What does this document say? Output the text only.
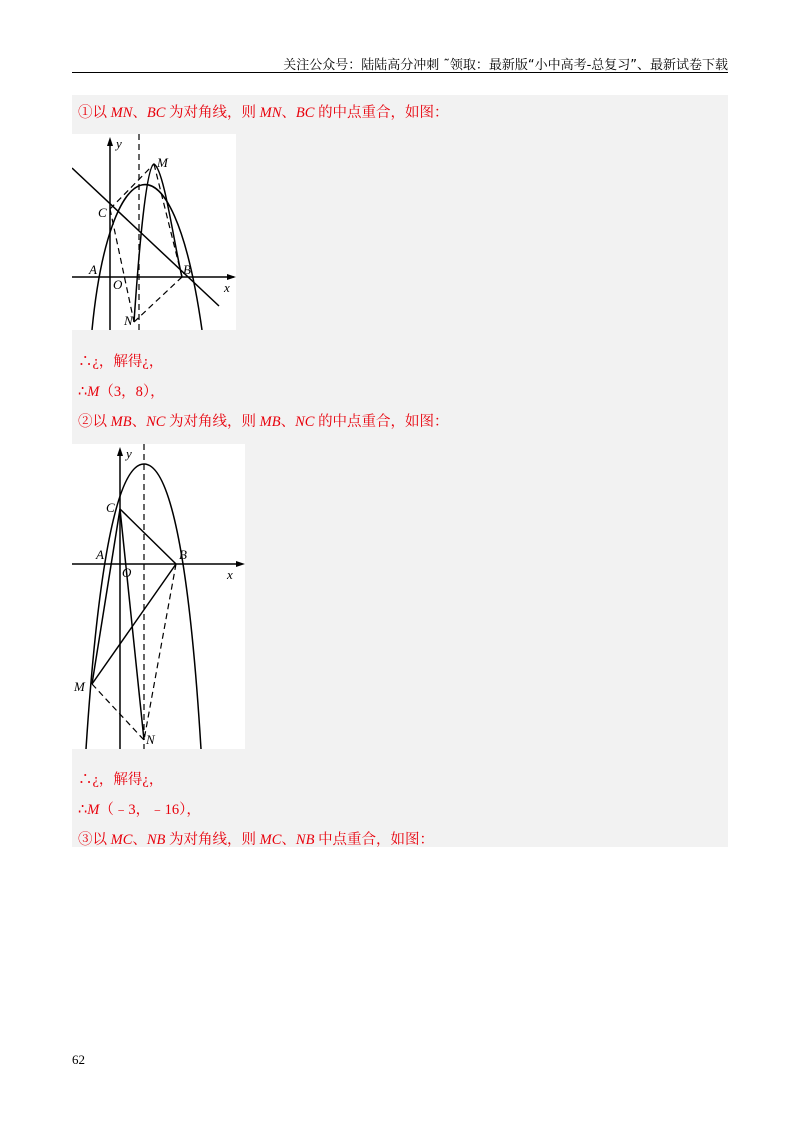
关注公众号：陆陆高分冲刺 ˜领取：最新版“小中高考-总复习”、最新试卷下载
①以 MN、BC 为对角线，则 MN、BC 的中点重合，如图：
y
x
M
C
A
O
B
N
∴¿，解得¿，
∴M（3，8），
②以 MB、NC 为对角线，则 MB、NC 的中点重合，如图：
y
x
C
A
O
B
M
N
∴¿，解得¿，
∴M（﹣3，﹣16），
③以 MC、NB 为对角线，则 MC、NB 中点重合，如图：
62
